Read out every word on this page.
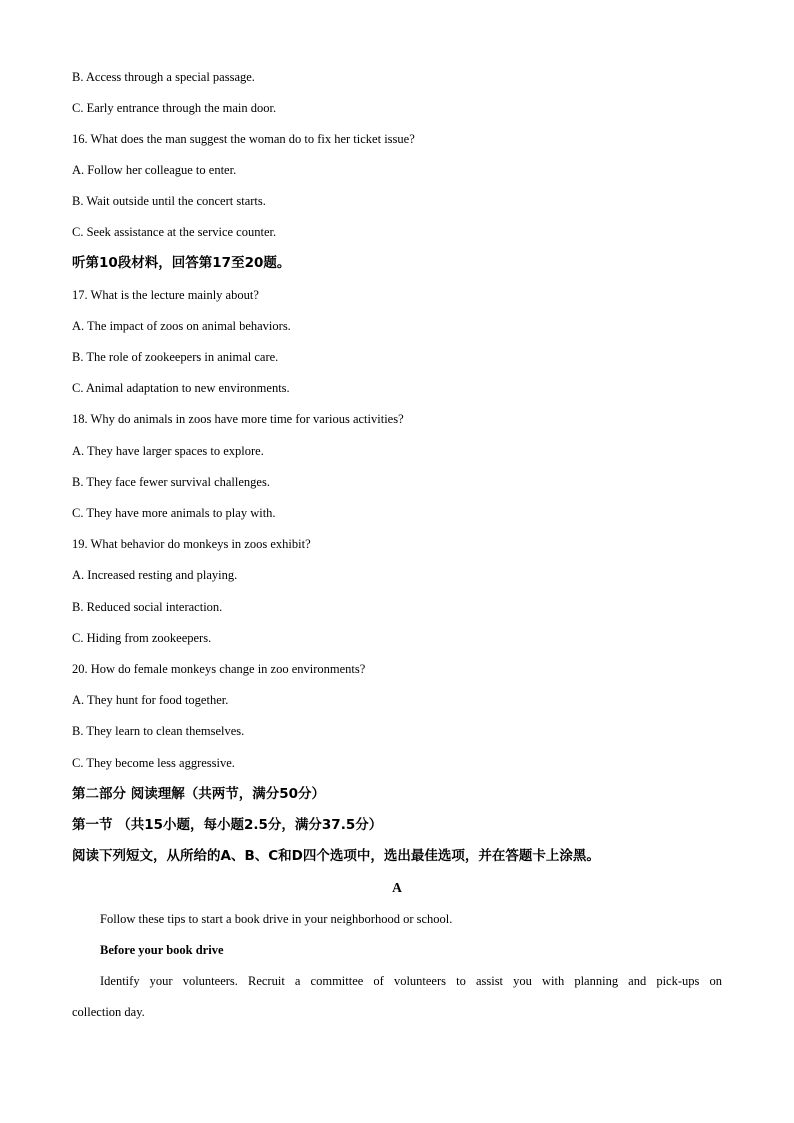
B. Access through a special passage.
C. Early entrance through the main door.
16. What does the man suggest the woman do to fix her ticket issue?
A. Follow her colleague to enter.
B. Wait outside until the concert starts.
C. Seek assistance at the service counter.
听第10段材料，回答第17至20题。
17. What is the lecture mainly about?
A. The impact of zoos on animal behaviors.
B. The role of zookeepers in animal care.
C. Animal adaptation to new environments.
18. Why do animals in zoos have more time for various activities?
A. They have larger spaces to explore.
B. They face fewer survival challenges.
C. They have more animals to play with.
19. What behavior do monkeys in zoos exhibit?
A. Increased resting and playing.
B. Reduced social interaction.
C. Hiding from zookeepers.
20. How do female monkeys change in zoo environments?
A. They hunt for food together.
B. They learn to clean themselves.
C. They become less aggressive.
第二部分 阅读理解（共两节，满分50分）
第一节 （共15小题，每小题2.5分，满分37.5分）
阅读下列短文，从所给的A、B、C和D四个选项中，选出最佳选项，并在答题卡上涂黑。
A
Follow these tips to start a book drive in your neighborhood or school.
Before your book drive
Identify your volunteers. Recruit a committee of volunteers to assist you with planning and pick-ups on
collection day.
